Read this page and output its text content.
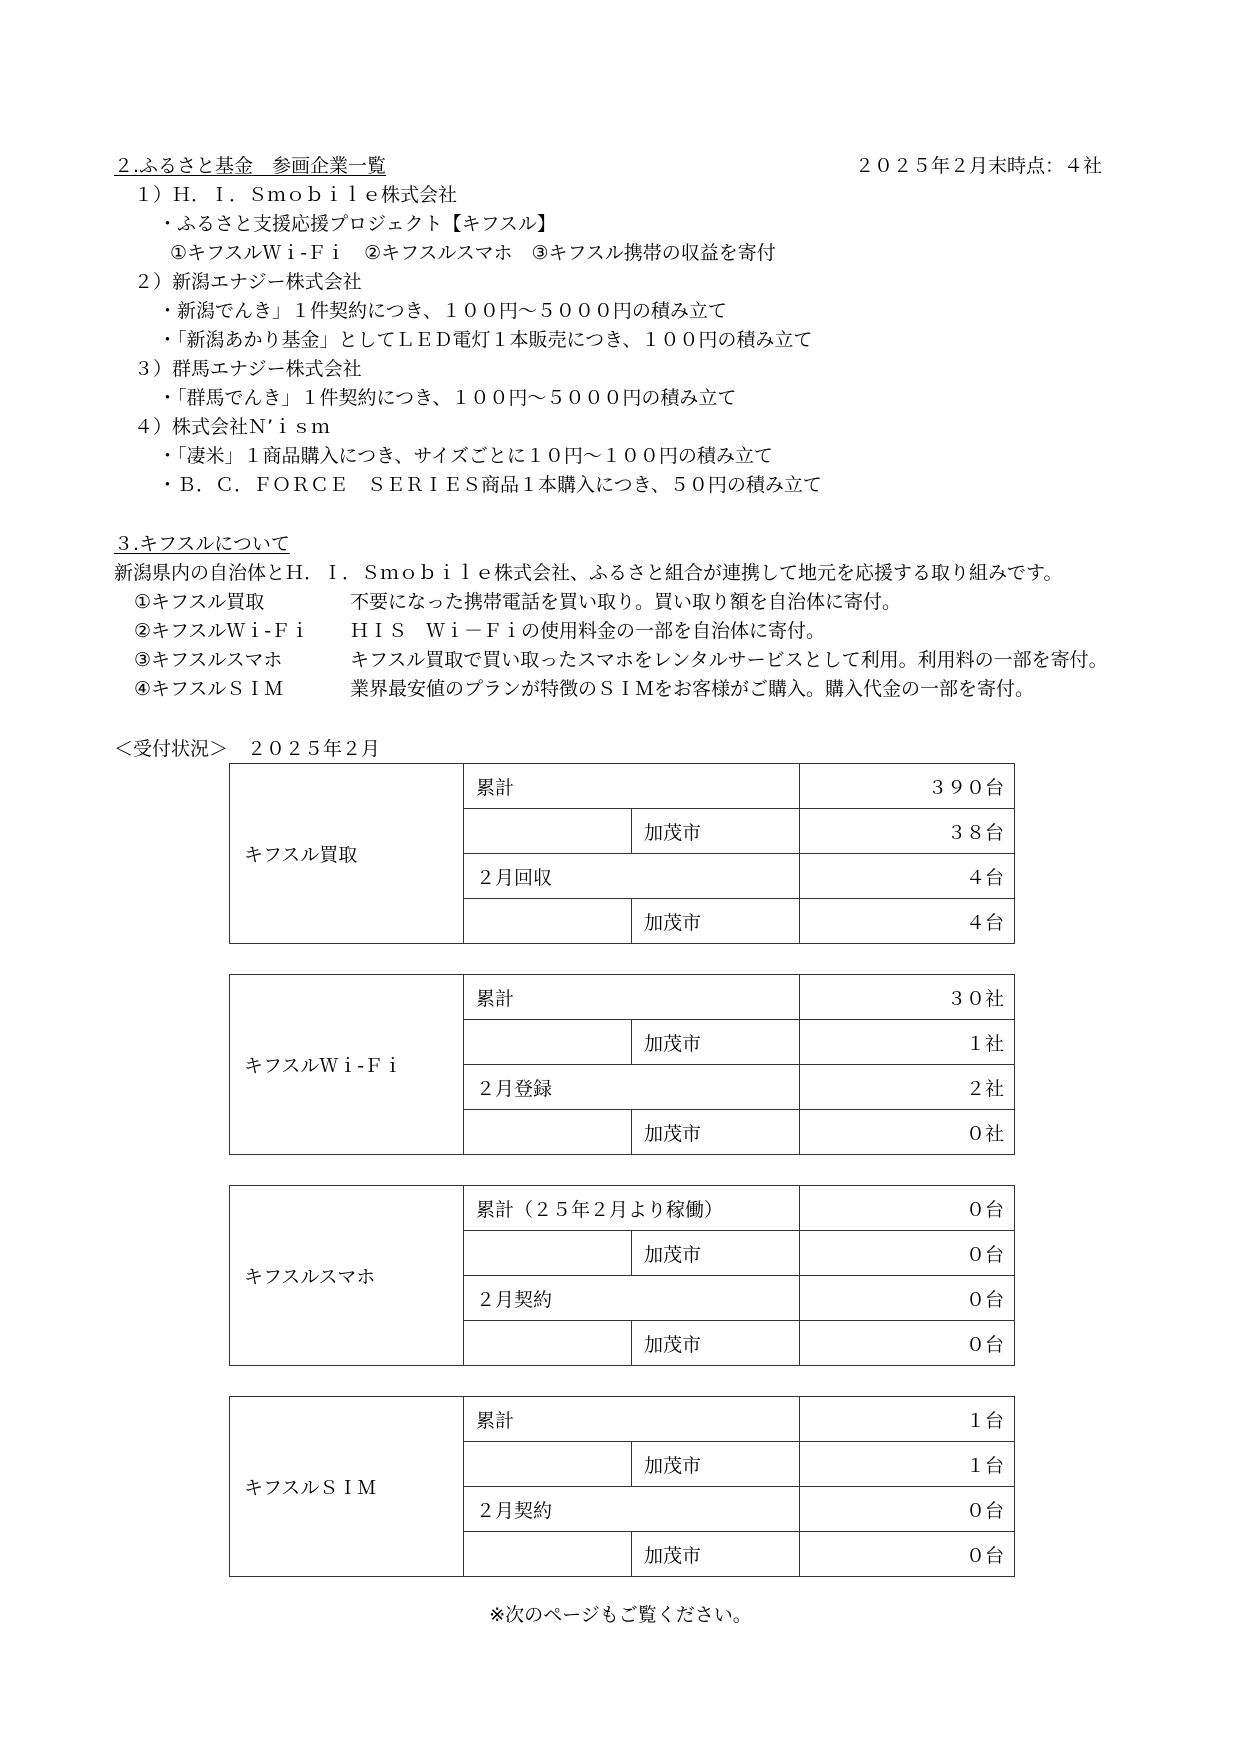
２.ふるさと基金　参画企業一覧	２０２５年２月末時点：４社
１）Ｈ．Ｉ．Ｓｍｏｂｉｌｅ株式会社
・ふるさと支援応援プロジェクト【キフスル】
①キフスルＷｉ-Ｆｉ　②キフスルスマホ　③キフスル携帯の収益を寄付
２）新潟エナジー株式会社
・新潟でんき」１件契約につき、１００円～５０００円の積み立て
・「新潟あかり基金」としてＬＥＤ電灯１本販売につき、１００円の積み立て
３）群馬エナジー株式会社
・「群馬でんき」１件契約につき、１００円～５０００円の積み立て
４）株式会社Ｎ’ｉｓｍ
・「凄米」１商品購入につき、サイズごとに１０円～１００円の積み立て
・Ｂ．Ｃ．ＦＯＲＣＥ　ＳＥＲＩＥＳ商品１本購入につき、５０円の積み立て
３.キフスルについて
新潟県内の自治体とＨ．Ｉ．Ｓｍｏｂｉｌｅ株式会社、ふるさと組合が連携して地元を応援する取り組みです。
①キフスル買取	不要になった携帯電話を買い取り。買い取り額を自治体に寄付。
②キフスルＷｉ-Ｆｉ ＨＩＳ　Ｗｉ－Ｆｉの使用料金の一部を自治体に寄付。
③キフスルスマホ	キフスル買取で買い取ったスマホをレンタルサービスとして利用。利用料の一部を寄付。
④キフスルＳＩＭ	業界最安値のプランが特徴のＳＩＭをお客様がご購入。購入代金の一部を寄付。
＜受付状況＞　２０２５年２月
キフスル買取	累計		３９０台
		加茂市	３８台
	２月回収		４台
		加茂市	４台
キフスルＷｉ-Ｆｉ	累計		３０社
		加茂市	１社
	２月登録		２社
		加茂市	０社
キフスルスマホ	累計（２５年２月より稼働）		０台
		加茂市	０台
	２月契約		０台
		加茂市	０台
キフスルＳＩＭ	累計		１台
		加茂市	１台
	２月契約		０台
		加茂市	０台
※次のページもご覧ください。
